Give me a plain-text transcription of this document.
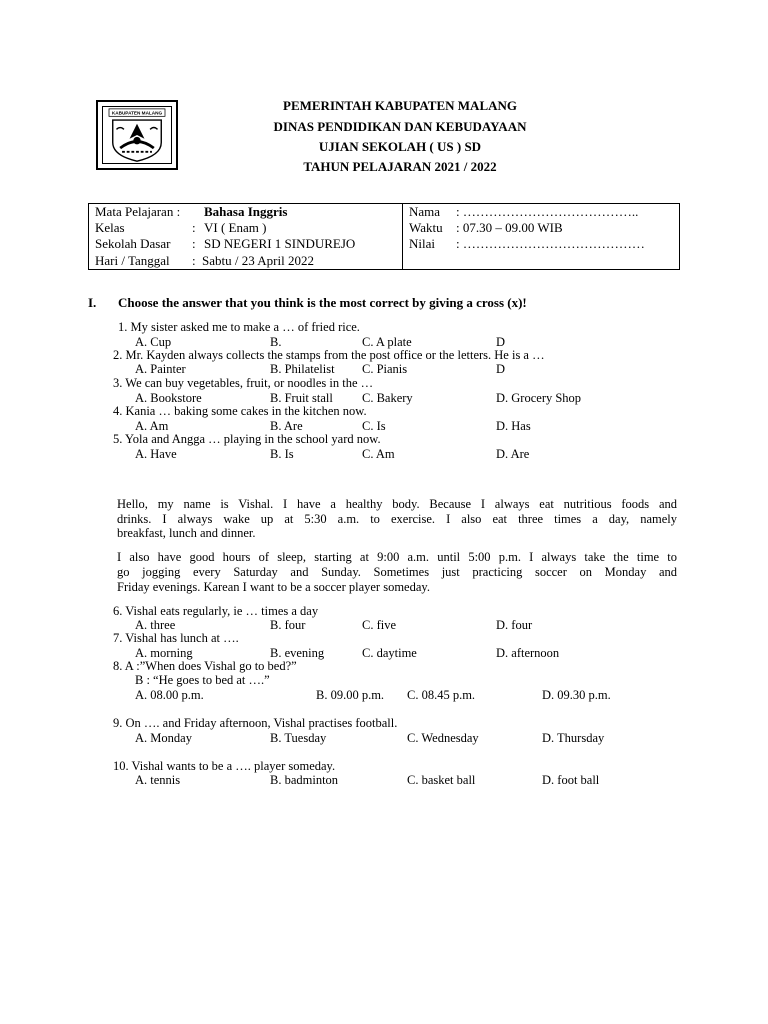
KABUPATEN MALANG
PEMERINTAH KABUPATEN MALANG
DINAS PENDIDIKAN DAN KEBUDAYAAN
UJIAN SEKOLAH ( US ) SD
TAHUN PELAJARAN 2021 / 2022
Mata Pelajaran : Bahasa Inggris
Kelas	: VI ( Enam )
Sekolah Dasar : SD NEGERI 1 SINDUREJO
Hari / Tanggal : Sabtu / 23 April 2022
Nama : …………………………………..
Waktu : 07.30 – 09.00 WIB
Nilai : ……………………………………
I. Choose the answer that you think is the most correct by giving a cross (x)!
1. My sister asked me to make a … of fried rice.
A. Cup	B.	C. A plate	D
2. Mr. Kayden always collects the stamps from the post office or the letters. He is a …
A. Painter	B. Philatelist C. Pianis	D
3. We can buy vegetables, fruit, or noodles in the …
A. Bookstore	B. Fruit stall C. Bakery	D. Grocery Shop
4. Kania … baking some cakes in the kitchen now.
A. Am	B. Are	C. Is	D. Has
5. Yola and Angga … playing in the school yard now.
A. Have	B. Is	C. Am	D. Are
Hello, my name is Vishal. I have a healthy body. Because I always eat nutritious foods and
drinks. I always wake up at 5:30 a.m. to exercise. I also eat three times a day, namely
breakfast, lunch and dinner.
I also have good hours of sleep, starting at 9:00 a.m. until 5:00 p.m. I always take the time to
go jogging every Saturday and Sunday. Sometimes just practicing soccer on Monday and
Friday evenings. Karean I want to be a soccer player someday.
6. Vishal eats regularly, ie … times a day
A. three	B. four	C. five	D. four
7. Vishal has lunch at ….
A. morning	B. evening	C. daytime	D. afternoon
8. A :”When does Vishal go to bed?”
B : “He goes to bed at ….”
A. 08.00 p.m.	B. 09.00 p.m. C. 08.45 p.m.	D. 09.30 p.m.
9. On …. and Friday afternoon, Vishal practises football.
A. Monday	B. Tuesday	C. Wednesday	D. Thursday
10. Vishal wants to be a …. player someday.
A. tennis	B. badminton	C. basket ball	D. foot ball
